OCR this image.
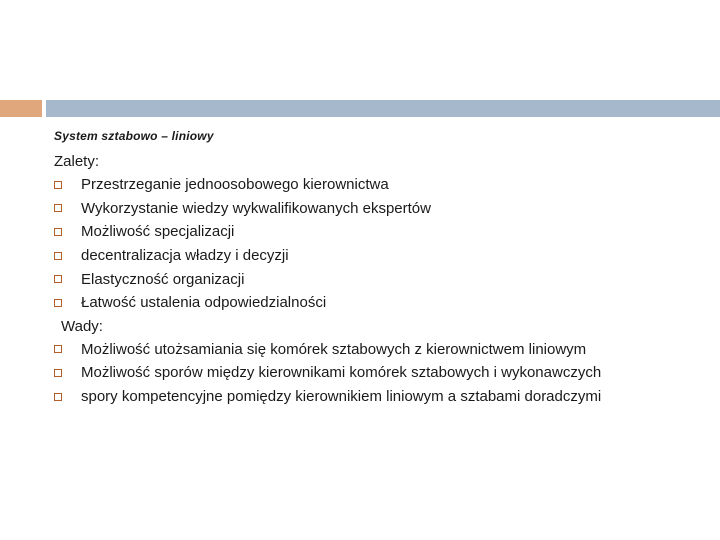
System sztabowo – liniowy
Zalety:
Przestrzeganie jednoosobowego kierownictwa
Wykorzystanie wiedzy wykwalifikowanych ekspertów
Możliwość specjalizacji
decentralizacja władzy i decyzji
Elastyczność organizacji
Łatwość ustalenia odpowiedzialności
Wady:
Możliwość utożsamiania się komórek sztabowych z kierownictwem liniowym
Możliwość sporów między kierownikami komórek sztabowych i wykonawczych
spory kompetencyjne pomiędzy kierownikiem liniowym a sztabami doradczymi
